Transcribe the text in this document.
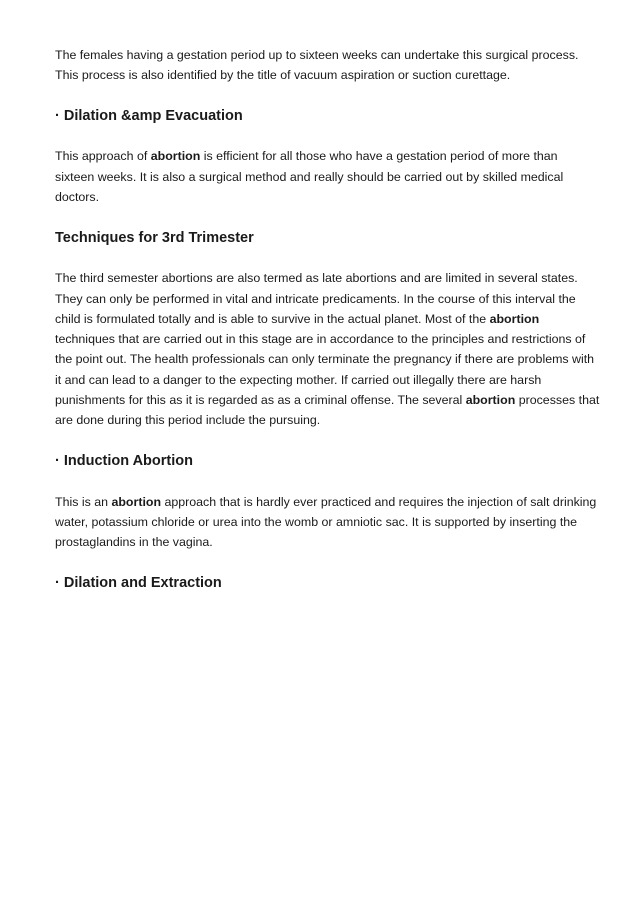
The females having a gestation period up to sixteen weeks can undertake this surgical process. This process is also identified by the title of vacuum aspiration or suction curettage.

· Dilation &amp Evacuation

This approach of abortion is efficient for all those who have a gestation period of more than sixteen weeks. It is also a surgical method and really should be carried out by skilled medical doctors.

Techniques for 3rd Trimester

The third semester abortions are also termed as late abortions and are limited in several states. They can only be performed in vital and intricate predicaments. In the course of this interval the child is formulated totally and is able to survive in the actual planet. Most of the abortion techniques that are carried out in this stage are in accordance to the principles and restrictions of the point out. The health professionals can only terminate the pregnancy if there are problems with it and can lead to a danger to the expecting mother. If carried out illegally there are harsh punishments for this as it is regarded as as a criminal offense. The several abortion processes that are done during this period include the pursuing.

· Induction Abortion

This is an abortion approach that is hardly ever practiced and requires the injection of salt drinking water, potassium chloride or urea into the womb or amniotic sac. It is supported by inserting the prostaglandins in the vagina.

· Dilation and Extraction
